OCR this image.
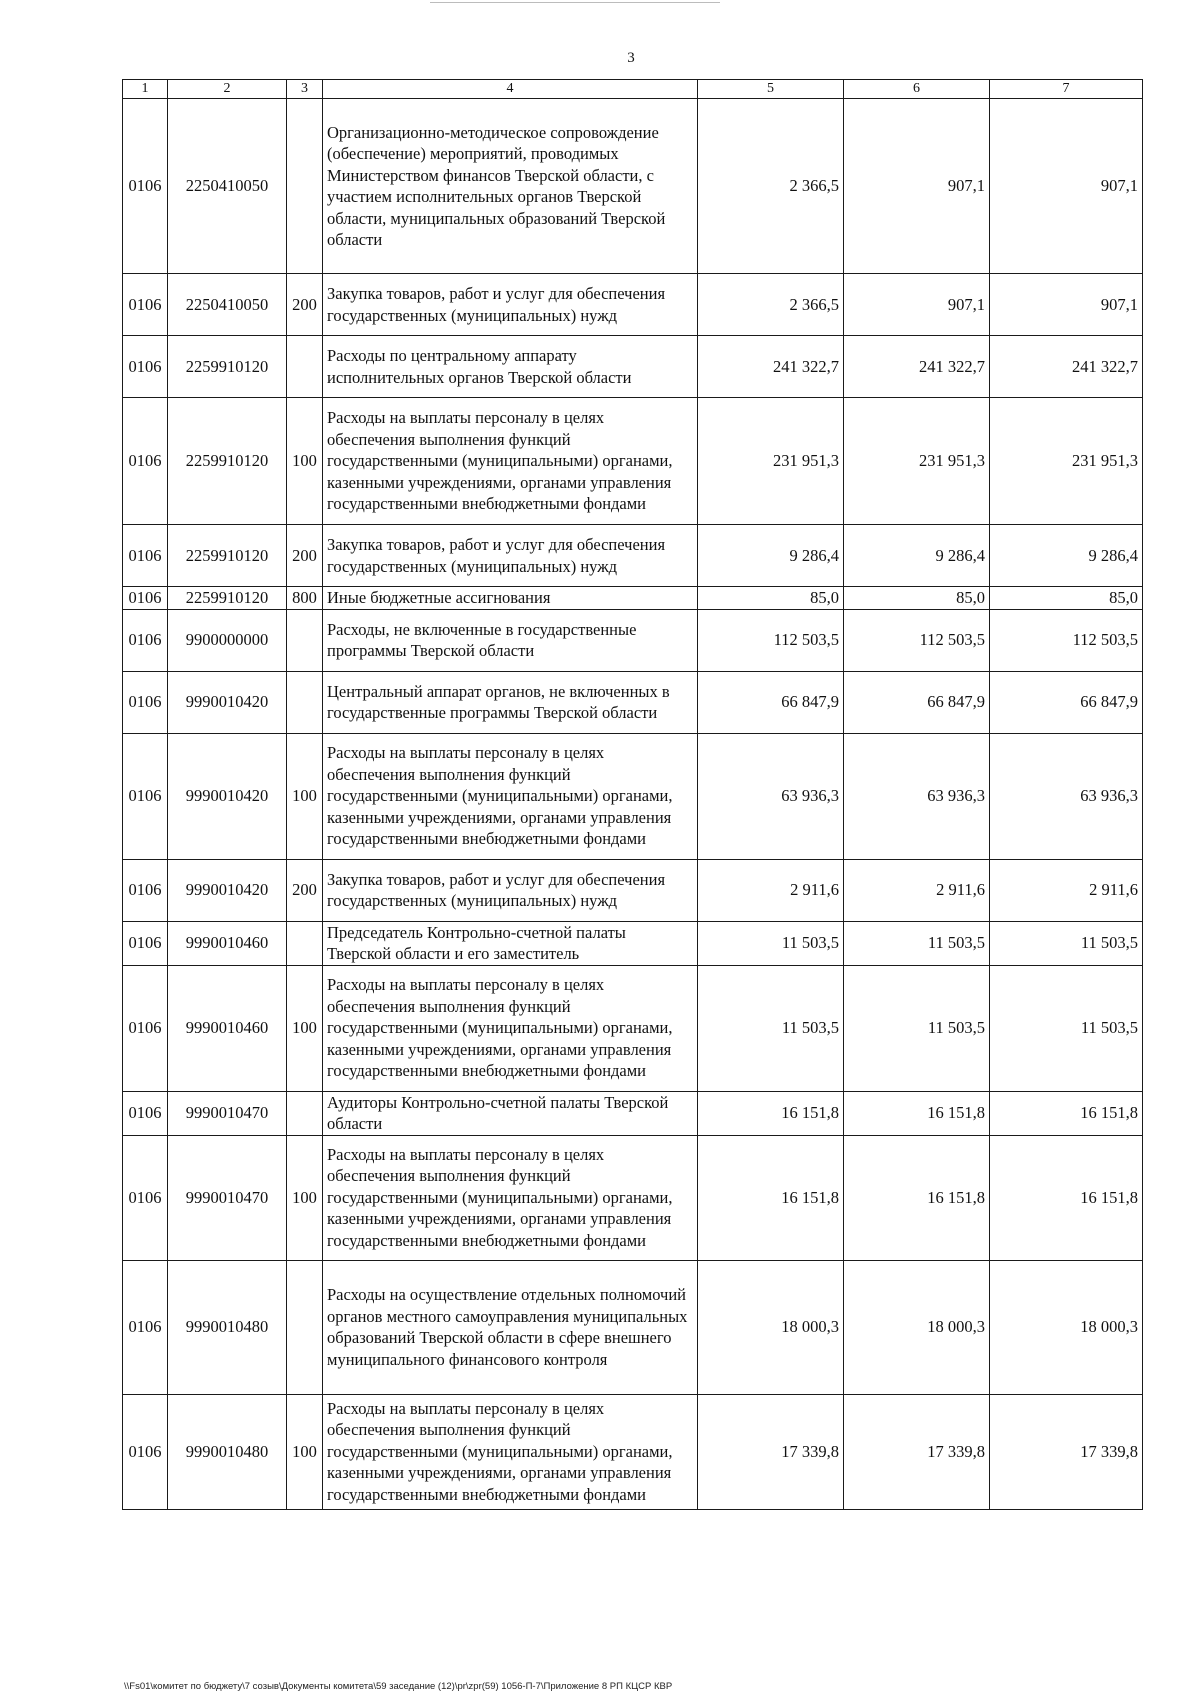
3
1	2	3	4	5	6	7
0106	2250410050		Организационно-методическое сопровождение (обеспечение) мероприятий, проводимых Министерством финансов Тверской области, с участием исполнительных органов Тверской области, муниципальных образований Тверской области	2 366,5	907,1	907,1
0106	2250410050	200	Закупка товаров, работ и услуг для обеспечения государственных (муниципальных) нужд	2 366,5	907,1	907,1
0106	2259910120		Расходы по центральному аппарату исполнительных органов Тверской области	241 322,7	241 322,7	241 322,7
0106	2259910120	100	Расходы на выплаты персоналу в целях обеспечения выполнения функций государственными (муниципальными) органами, казенными учреждениями, органами управления государственными внебюджетными фондами	231 951,3	231 951,3	231 951,3
0106	2259910120	200	Закупка товаров, работ и услуг для обеспечения государственных (муниципальных) нужд	9 286,4	9 286,4	9 286,4
0106	2259910120	800	Иные бюджетные ассигнования	85,0	85,0	85,0
0106	9900000000		Расходы, не включенные в государственные программы Тверской области	112 503,5	112 503,5	112 503,5
0106	9990010420		Центральный аппарат органов, не включенных в государственные программы Тверской области	66 847,9	66 847,9	66 847,9
0106	9990010420	100	Расходы на выплаты персоналу в целях обеспечения выполнения функций государственными (муниципальными) органами, казенными учреждениями, органами управления государственными внебюджетными фондами	63 936,3	63 936,3	63 936,3
0106	9990010420	200	Закупка товаров, работ и услуг для обеспечения государственных (муниципальных) нужд	2 911,6	2 911,6	2 911,6
0106	9990010460		Председатель Контрольно-счетной палаты Тверской области и его заместитель	11 503,5	11 503,5	11 503,5
0106	9990010460	100	Расходы на выплаты персоналу в целях обеспечения выполнения функций государственными (муниципальными) органами, казенными учреждениями, органами управления государственными внебюджетными фондами	11 503,5	11 503,5	11 503,5
0106	9990010470		Аудиторы Контрольно-счетной палаты Тверской области	16 151,8	16 151,8	16 151,8
0106	9990010470	100	Расходы на выплаты персоналу в целях обеспечения выполнения функций государственными (муниципальными) органами, казенными учреждениями, органами управления государственными внебюджетными фондами	16 151,8	16 151,8	16 151,8
0106	9990010480		Расходы на осуществление отдельных полномочий органов местного самоуправления муниципальных образований Тверской области в сфере внешнего муниципального финансового контроля	18 000,3	18 000,3	18 000,3
0106	9990010480	100	Расходы на выплаты персоналу в целях обеспечения выполнения функций государственными (муниципальными) органами, казенными учреждениями, органами управления государственными внебюджетными фондами	17 339,8	17 339,8	17 339,8
\\Fs01\комитет по бюджету\7 созыв\Документы комитета\59 заседание (12)\pr\zpr(59) 1056-П-7\Приложение 8 РП КЦСР КВР
